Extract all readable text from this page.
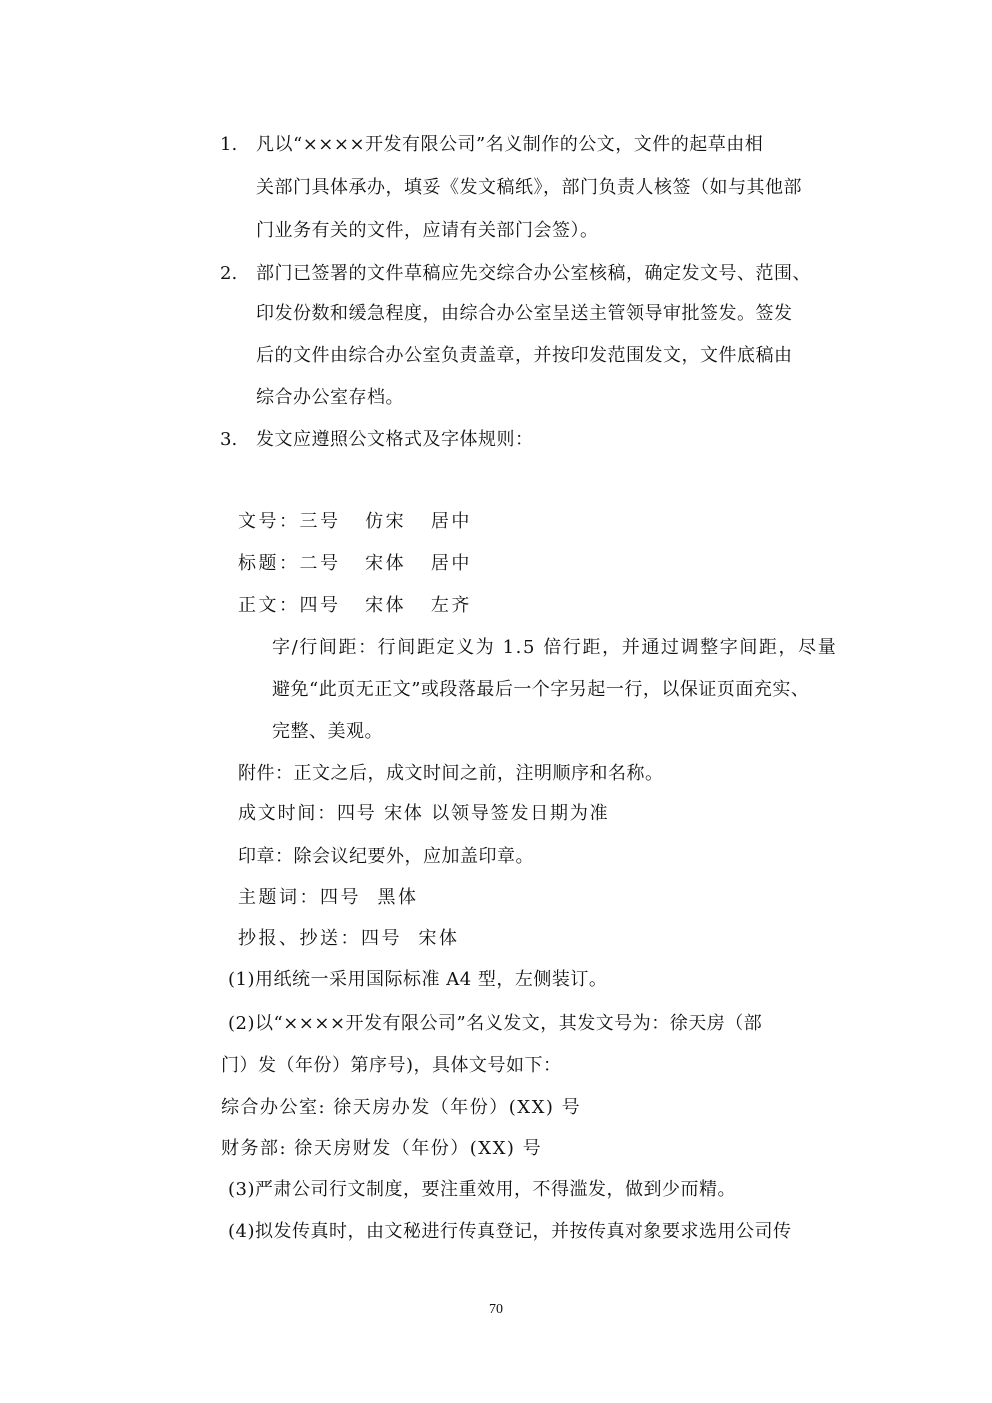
1. 凡以“××××开发有限公司”名义制作的公文，文件的起草由相
关部门具体承办，填妥《发文稿纸》，部门负责人核签（如与其他部
门业务有关的文件，应请有关部门会签）。
2. 部门已签署的文件草稿应先交综合办公室核稿，确定发文号、范围、
印发份数和缓急程度，由综合办公室呈送主管领导审批签发。签发
后的文件由综合办公室负责盖章，并按印发范围发文，文件底稿由
综合办公室存档。
3. 发文应遵照公文格式及字体规则：
文号：三号   仿宋   居中
标题：二号   宋体   居中
正文：四号   宋体   左齐
字/行间距：行间距定义为 1.5 倍行距，并通过调整字间距，尽量
避免“此页无正文”或段落最后一个字另起一行，以保证页面充实、
完整、美观。
附件：正文之后，成文时间之前，注明顺序和名称。
成文时间：四号 宋体 以领导签发日期为准
印章：除会议纪要外，应加盖印章。
主题词：四号  黑体
抄报、抄送：四号  宋体
(1)用纸统一采用国际标准 A4 型，左侧装订。
(2)以“××××开发有限公司”名义发文，其发文号为：徐天房（部
门）发（年份）第序号)，具体文号如下：
综合办公室: 徐天房办发（年份）(XX) 号
财务部: 徐天房财发（年份）(XX) 号
(3)严肃公司行文制度，要注重效用，不得滥发，做到少而精。
(4)拟发传真时，由文秘进行传真登记，并按传真对象要求选用公司传
70
